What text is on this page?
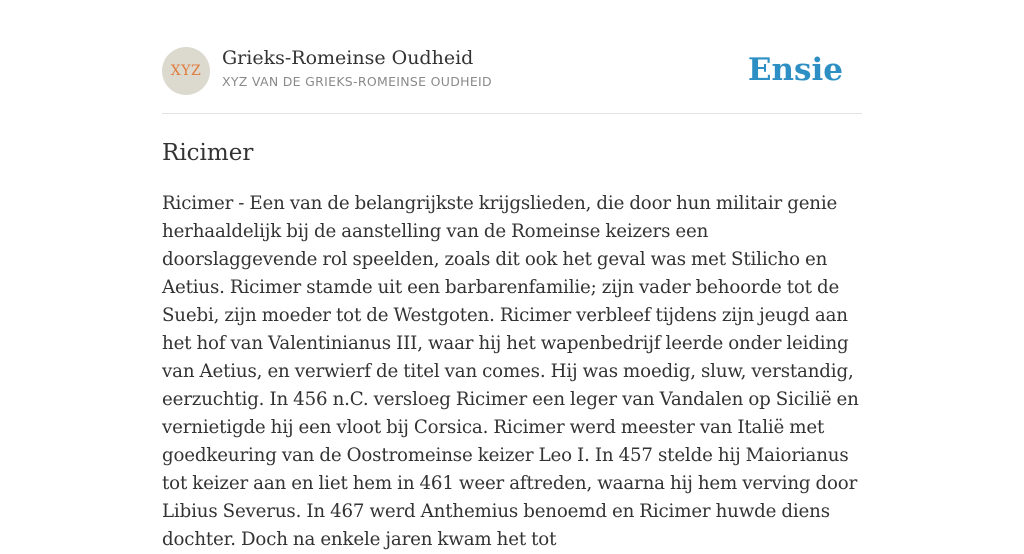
XYZ
Grieks-Romeinse Oudheid
XYZ VAN DE GRIEKS-ROMEINSE OUDHEID	Ensie
Ricimer

Ricimer - Een van de belangrijkste krijgslieden, die door hun militair genie herhaaldelijk bij de aanstelling van de Romeinse keizers een doorslaggevende rol speelden, zoals dit ook het geval was met Stilicho en Aetius. Ricimer stamde uit een barbarenfamilie; zijn vader behoorde tot de Suebi, zijn moeder tot de Westgoten. Ricimer verbleef tijdens zijn jeugd aan het hof van Valentinianus III, waar hij het wapenbedrijf leerde onder leiding van Aetius, en verwierf de titel van comes. Hij was moedig, sluw, verstandig, eerzuchtig. In 456 n.C. versloeg Ricimer een leger van Vandalen op Sicilië en vernietigde hij een vloot bij Corsica. Ricimer werd meester van Italië met goedkeuring van de Oostromeinse keizer Leo I. In 457 stelde hij Maiorianus tot keizer aan en liet hem in 461 weer aftreden, waarna hij hem verving door Libius Severus. In 467 werd Anthemius benoemd en Ricimer huwde diens dochter. Doch na enkele jaren kwam het tot
